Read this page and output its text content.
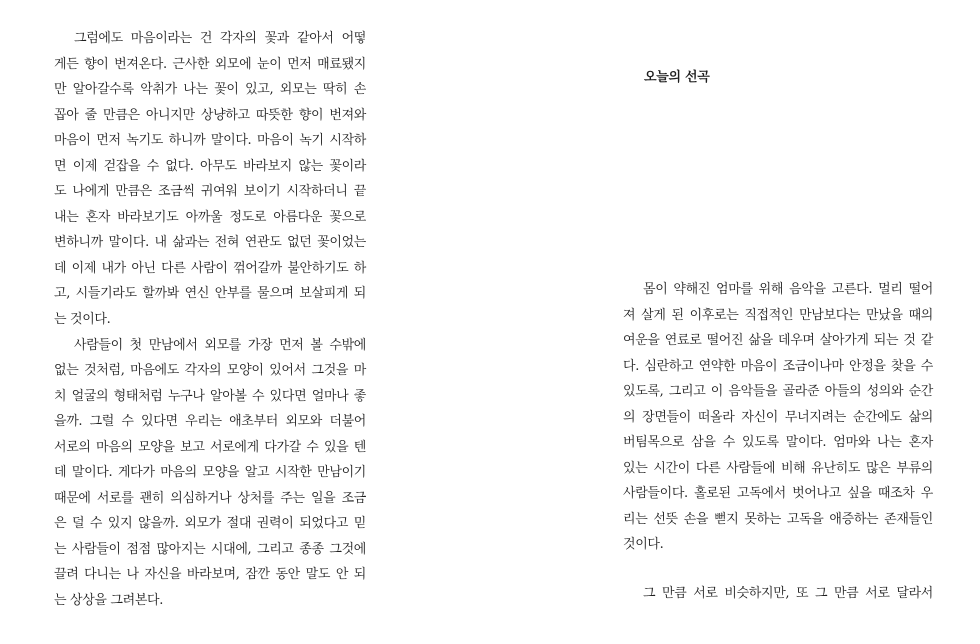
그럼에도 마음이라는 건 각자의 꽃과 같아서 어떻
게든 향이 번져온다. 근사한 외모에 눈이 먼저 매료됐지
만 알아갈수록 악취가 나는 꽃이 있고, 외모는 딱히 손
꼽아 줄 만큼은 아니지만 상냥하고 따뜻한 향이 번져와
마음이 먼저 녹기도 하니까 말이다. 마음이 녹기 시작하
면 이제 걷잡을 수 없다. 아무도 바라보지 않는 꽃이라
도 나에게 만큼은 조금씩 귀여워 보이기 시작하더니 끝
내는 혼자 바라보기도 아까울 정도로 아름다운 꽃으로
변하니까 말이다. 내 삶과는 전혀 연관도 없던 꽃이었는
데 이제 내가 아닌 다른 사람이 꺾어갈까 불안하기도 하
고, 시들기라도 할까봐 연신 안부를 물으며 보살피게 되
는 것이다.
사람들이 첫 만남에서 외모를 가장 먼저 볼 수밖에
없는 것처럼, 마음에도 각자의 모양이 있어서 그것을 마
치 얼굴의 형태처럼 누구나 알아볼 수 있다면 얼마나 좋
을까. 그럴 수 있다면 우리는 애초부터 외모와 더불어
서로의 마음의 모양을 보고 서로에게 다가갈 수 있을 텐
데 말이다. 게다가 마음의 모양을 알고 시작한 만남이기
때문에 서로를 괜히 의심하거나 상처를 주는 일을 조금
은 덜 수 있지 않을까. 외모가 절대 권력이 되었다고 믿
는 사람들이 점점 많아지는 시대에, 그리고 종종 그것에
끌려 다니는 나 자신을 바라보며, 잠깐 동안 말도 안 되
는 상상을 그려본다.
오늘의 선곡
몸이 약해진 엄마를 위해 음악을 고른다. 멀리 떨어
져 살게 된 이후로는 직접적인 만남보다는 만났을 때의
여운을 연료로 떨어진 삶을 데우며 살아가게 되는 것 같
다. 심란하고 연약한 마음이 조금이나마 안정을 찾을 수
있도록, 그리고 이 음악들을 골라준 아들의 성의와 순간
의 장면들이 떠올라 자신이 무너지려는 순간에도 삶의
버팀목으로 삼을 수 있도록 말이다. 엄마와 나는 혼자
있는 시간이 다른 사람들에 비해 유난히도 많은 부류의
사람들이다. 홀로된 고독에서 벗어나고 싶을 때조차 우
리는 선뜻 손을 뻗지 못하는 고독을 애증하는 존재들인
것이다.
그 만큼 서로 비슷하지만, 또 그 만큼 서로 달라서
